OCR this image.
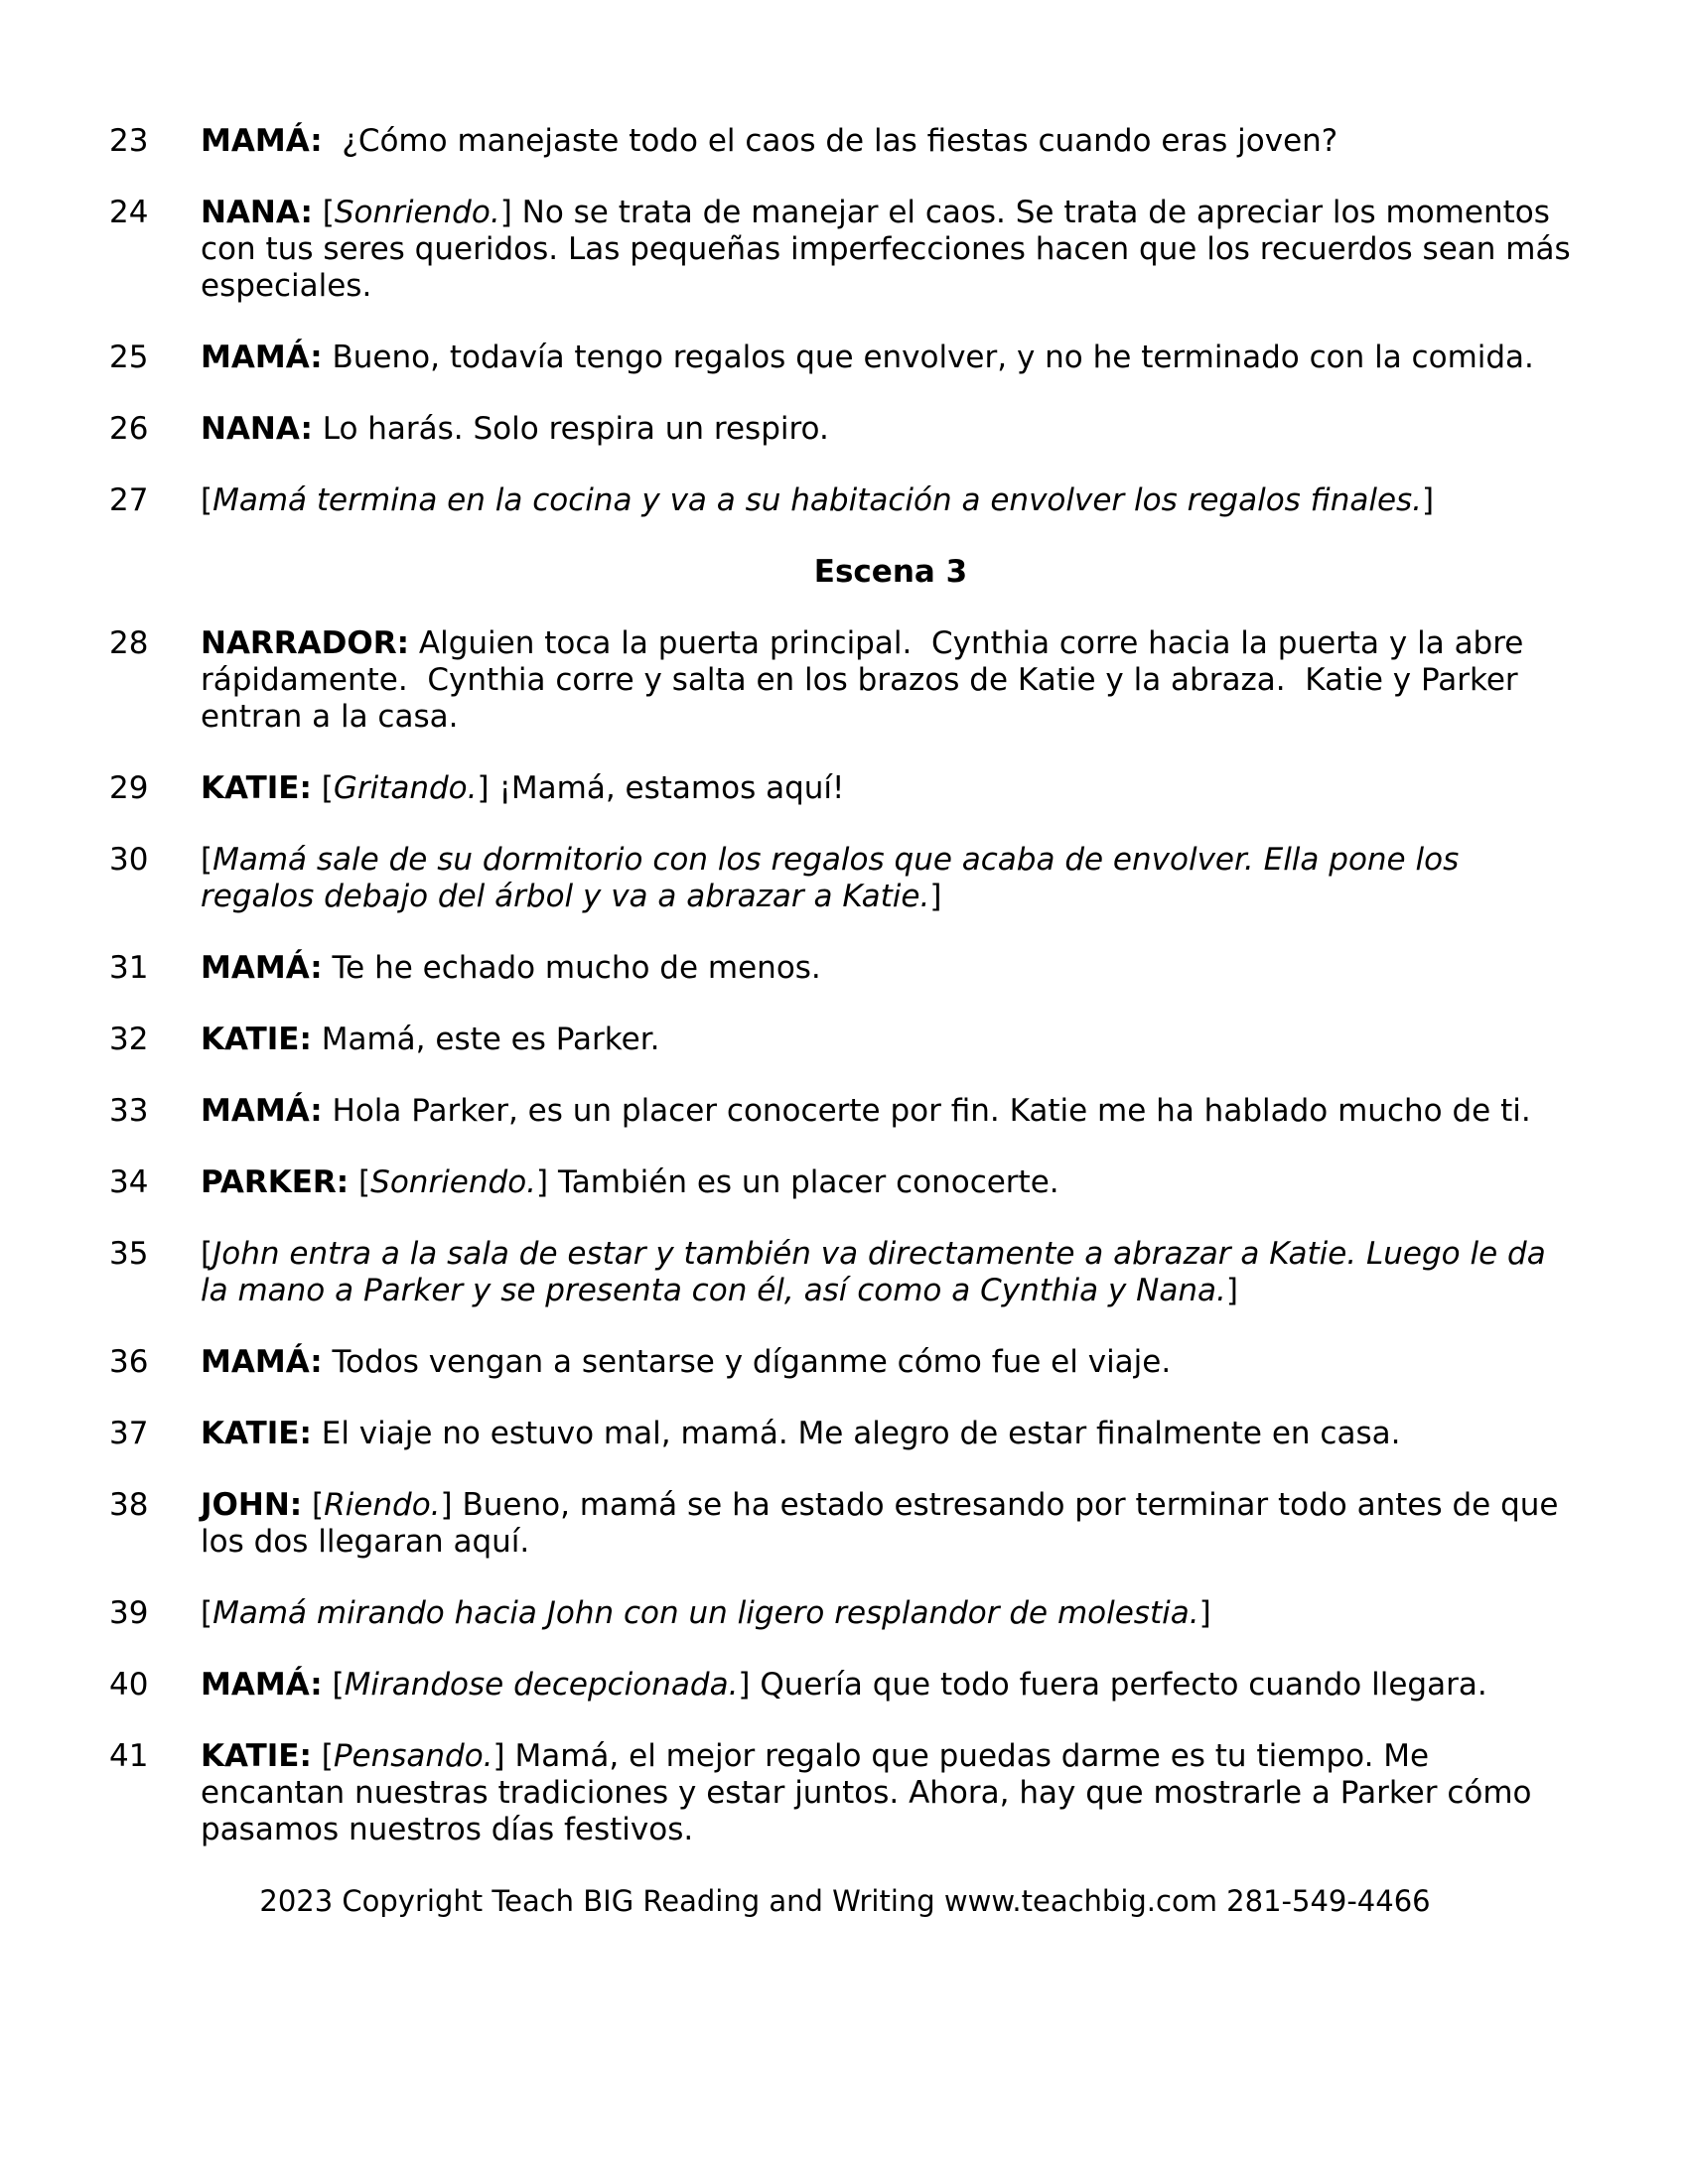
23	MAMÁ:  ¿Cómo manejaste todo el caos de las fiestas cuando eras joven?
24	NANA: [Sonriendo.] No se trata de manejar el caos. Se trata de apreciar los momentos con tus seres queridos. Las pequeñas imperfecciones hacen que los recuerdos sean más especiales.
25	MAMÁ: Bueno, todavía tengo regalos que envolver, y no he terminado con la comida.
26	NANA: Lo harás. Solo respira un respiro.
27	[Mamá termina en la cocina y va a su habitación a envolver los regalos finales.]
Escena 3
28	NARRADOR: Alguien toca la puerta principal.  Cynthia corre hacia la puerta y la abre rápidamente.  Cynthia corre y salta en los brazos de Katie y la abraza.  Katie y Parker entran a la casa.
29	KATIE: [Gritando.] ¡Mamá, estamos aquí!
30	[Mamá sale de su dormitorio con los regalos que acaba de envolver. Ella pone los regalos debajo del árbol y va a abrazar a Katie.]
31	MAMÁ: Te he echado mucho de menos.
32	KATIE: Mamá, este es Parker.
33	MAMÁ: Hola Parker, es un placer conocerte por fin. Katie me ha hablado mucho de ti.
34	PARKER: [Sonriendo.] También es un placer conocerte.
35	[John entra a la sala de estar y también va directamente a abrazar a Katie. Luego le da la mano a Parker y se presenta con él, así como a Cynthia y Nana.]
36	MAMÁ: Todos vengan a sentarse y díganme cómo fue el viaje.
37	KATIE: El viaje no estuvo mal, mamá. Me alegro de estar finalmente en casa.
38	JOHN: [Riendo.] Bueno, mamá se ha estado estresando por terminar todo antes de que los dos llegaran aquí.
39	[Mamá mirando hacia John con un ligero resplandor de molestia.]
40	MAMÁ: [Mirandose decepcionada.] Quería que todo fuera perfecto cuando llegara.
41	KATIE: [Pensando.] Mamá, el mejor regalo que puedas darme es tu tiempo. Me encantan nuestras tradiciones y estar juntos. Ahora, hay que mostrarle a Parker cómo pasamos nuestros días festivos.
2023 Copyright Teach BIG Reading and Writing www.teachbig.com 281-549-4466
